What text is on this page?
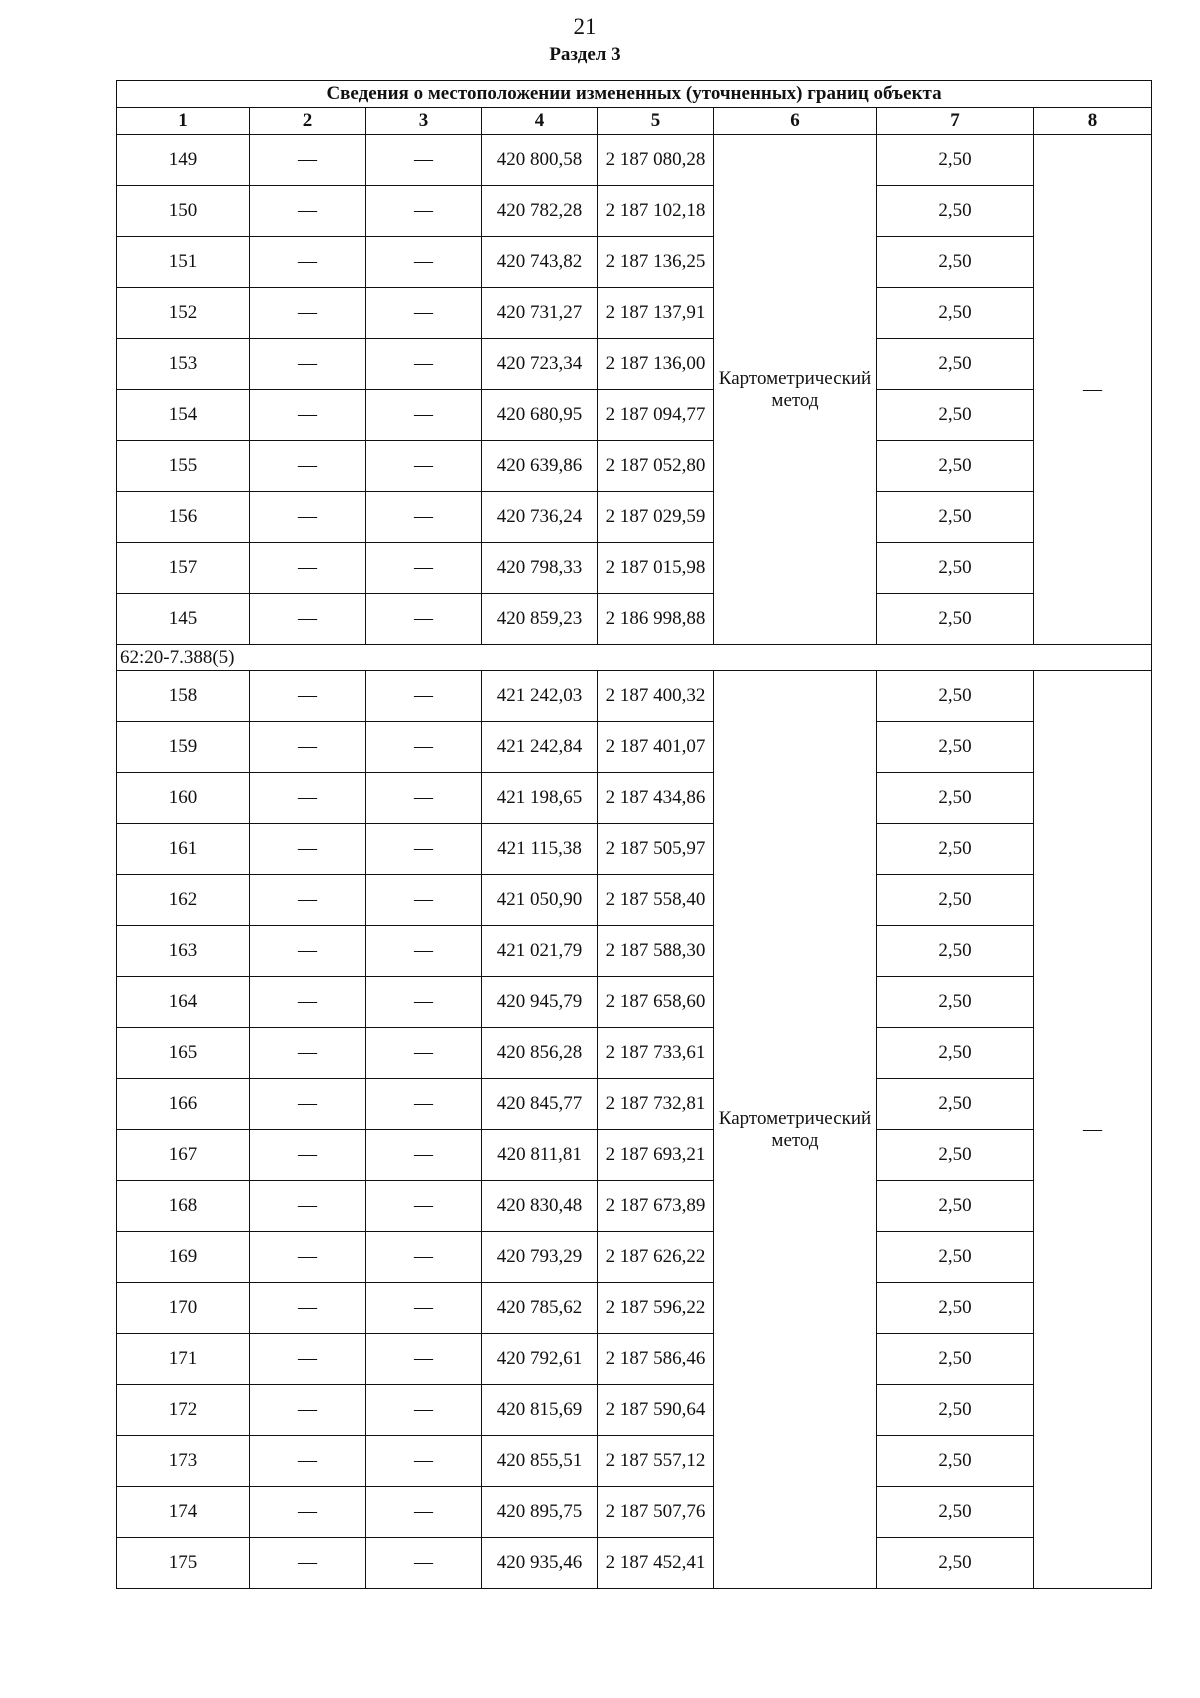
21
Раздел 3
Сведения о местоположении измененных (уточненных) границ объекта							
1	2	3	4	5	6	7	8
149	—	—	420 800,58	2 187 080,28	Картометрический метод	2,50	—
150	—	—	420 782,28	2 187 102,18		2,50	
151	—	—	420 743,82	2 187 136,25		2,50	
152	—	—	420 731,27	2 187 137,91		2,50	
153	—	—	420 723,34	2 187 136,00		2,50	
154	—	—	420 680,95	2 187 094,77		2,50	
155	—	—	420 639,86	2 187 052,80		2,50	
156	—	—	420 736,24	2 187 029,59		2,50	
157	—	—	420 798,33	2 187 015,98		2,50	
145	—	—	420 859,23	2 186 998,88		2,50	
62:20-7.388(5)							
158	—	—	421 242,03	2 187 400,32	Картометрический метод	2,50	—
159	—	—	421 242,84	2 187 401,07		2,50	
160	—	—	421 198,65	2 187 434,86		2,50	
161	—	—	421 115,38	2 187 505,97		2,50	
162	—	—	421 050,90	2 187 558,40		2,50	
163	—	—	421 021,79	2 187 588,30		2,50	
164	—	—	420 945,79	2 187 658,60		2,50	
165	—	—	420 856,28	2 187 733,61		2,50	
166	—	—	420 845,77	2 187 732,81		2,50	
167	—	—	420 811,81	2 187 693,21		2,50	
168	—	—	420 830,48	2 187 673,89		2,50	
169	—	—	420 793,29	2 187 626,22		2,50	
170	—	—	420 785,62	2 187 596,22		2,50	
171	—	—	420 792,61	2 187 586,46		2,50	
172	—	—	420 815,69	2 187 590,64		2,50	
173	—	—	420 855,51	2 187 557,12		2,50	
174	—	—	420 895,75	2 187 507,76		2,50	
175	—	—	420 935,46	2 187 452,41		2,50	
